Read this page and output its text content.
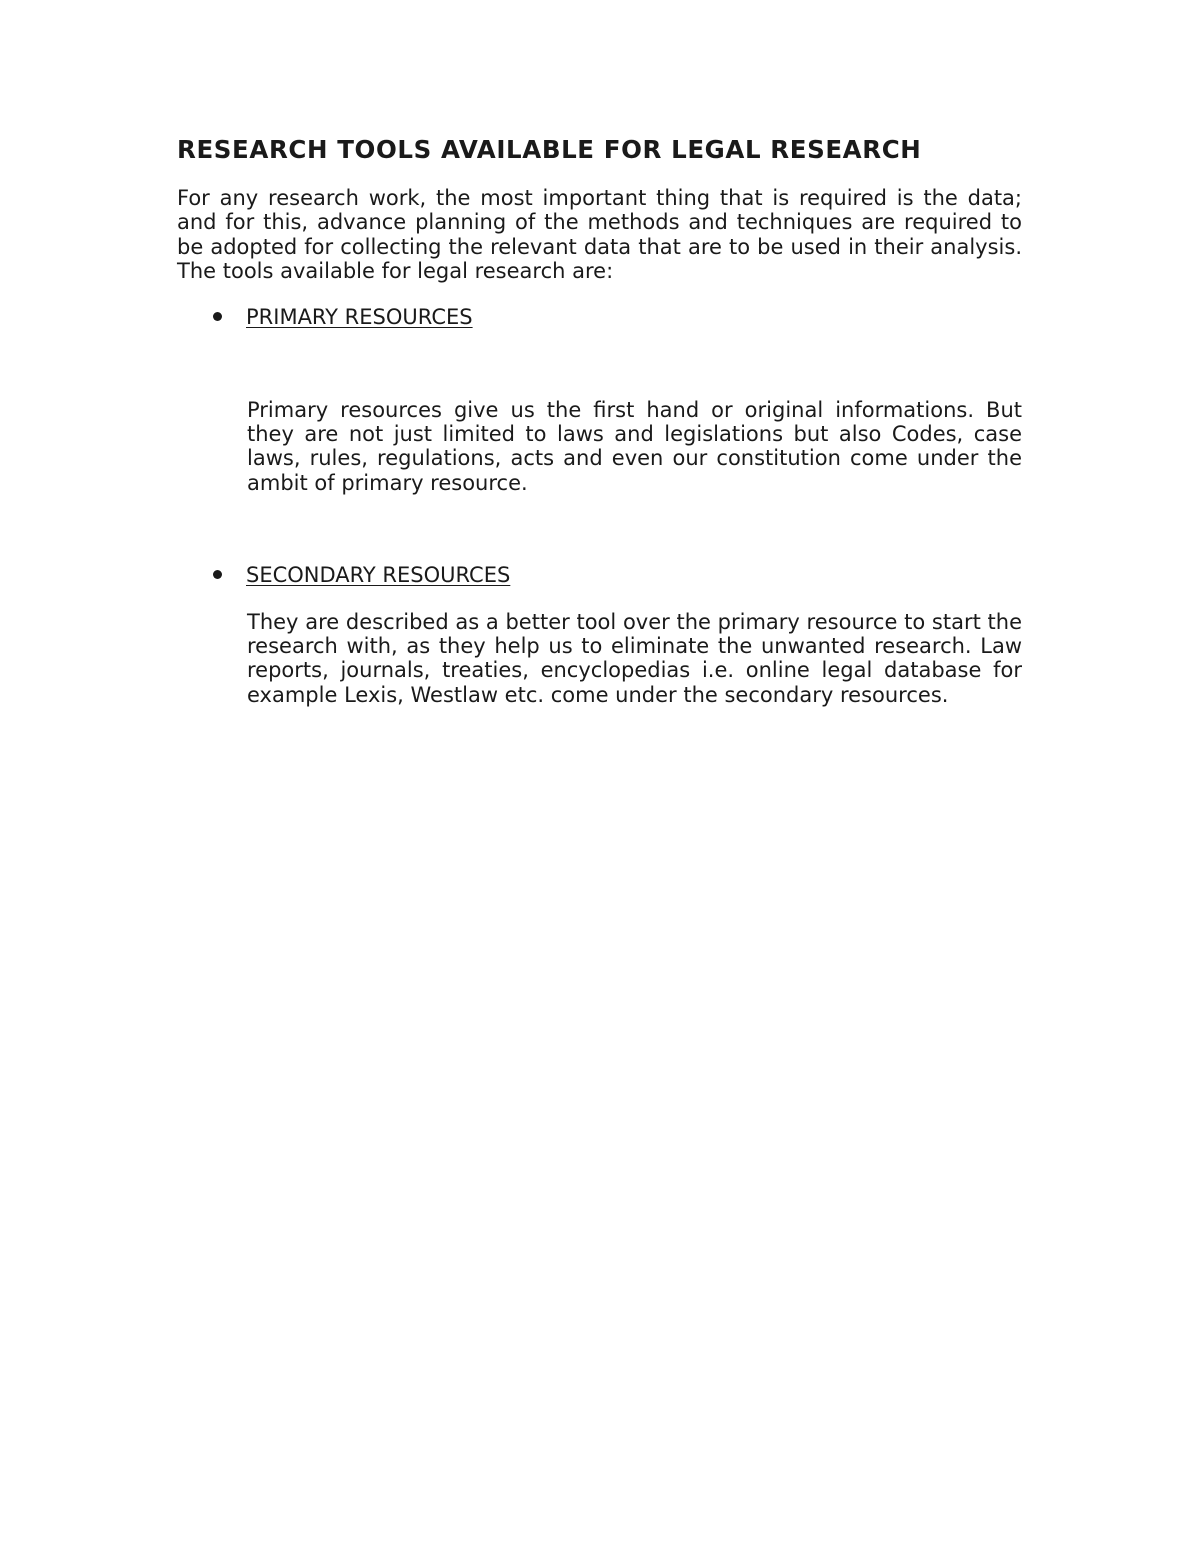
RESEARCH TOOLS AVAILABLE FOR LEGAL RESEARCH

For any research work, the most important thing that is required is the data; and for this, advance planning of the methods and techniques are required to be adopted for collecting the relevant data that are to be used in their analysis. The tools available for legal research are:

PRIMARY RESOURCES

Primary resources give us the first hand or original informations. But they are not just limited to laws and legislations but also Codes, case laws, rules, regulations, acts and even our constitution come under the ambit of primary resource.

SECONDARY RESOURCES

They are described as a better tool over the primary resource to start the research with, as they help us to eliminate the unwanted research. Law reports, journals, treaties, encyclopedias i.e. online legal database for example Lexis, Westlaw etc. come under the secondary resources.
